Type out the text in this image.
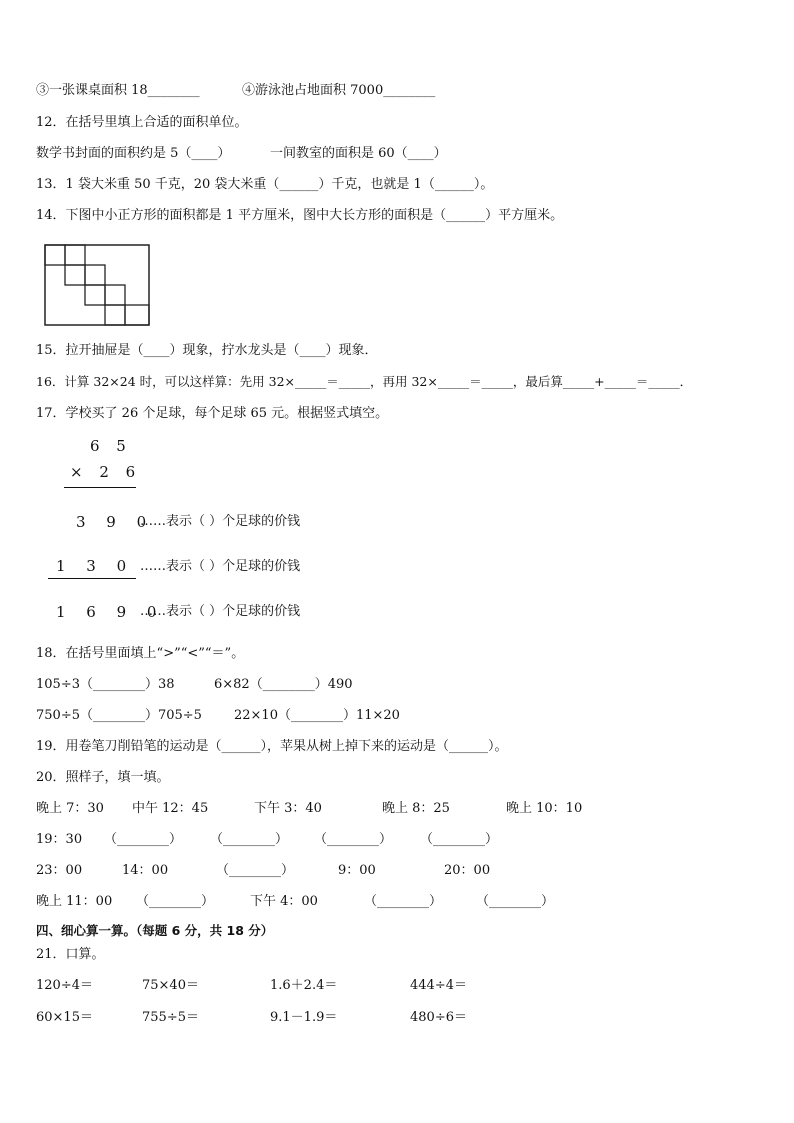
③一张课桌面积 18________	④游泳池占地面积 7000________
12．在括号里填上合适的面积单位。
数学书封面的面积约是 5（____）	一间教室的面积是 60（____）
13．1 袋大米重 50 千克，20 袋大米重（______）千克，也就是 1（______）。
14．下图中小正方形的面积都是 1 平方厘米，图中大长方形的面积是（______）平方厘米。
15．拉开抽屉是（____）现象，拧水龙头是（____）现象．
16．计算 32×24 时，可以这样算：先用 32×_____＝_____，再用 32×_____＝_____，最后算_____+_____＝_____．
17．学校买了 26 个足球，每个足球 65 元。根据竖式填空。
6 5
× 2 6
3 9 0
……表示（ ）个足球的价钱
1 3 0 ……表示（ ）个足球的价钱
1 6 9 0
……表示（ ）个足球的价钱
18．在括号里面填上“>”“<”“＝”。
105÷3（________）38	6×82（________）490
750÷5（________）705÷5 22×10（________）11×20
19．用卷笔刀削铅笔的运动是（______），苹果从树上掉下来的运动是（______）。
20．照样子，填一填。
晚上 7：30 中午 12：45	下午 3：40	晚上 8：25	晚上 10：10
19：30 （________） （________） （________） （________）
23：00	14：00	（________）	9：00	20：00
晚上 11：00 （________）	下午 4：00	（________）	（________）
四、细心算一算。（每题 6 分，共 18 分）
21．口算。
120÷4＝	75×40＝	1.6＋2.4＝	444÷4＝
60×15＝	755÷5＝	9.1－1.9＝	480÷6＝
